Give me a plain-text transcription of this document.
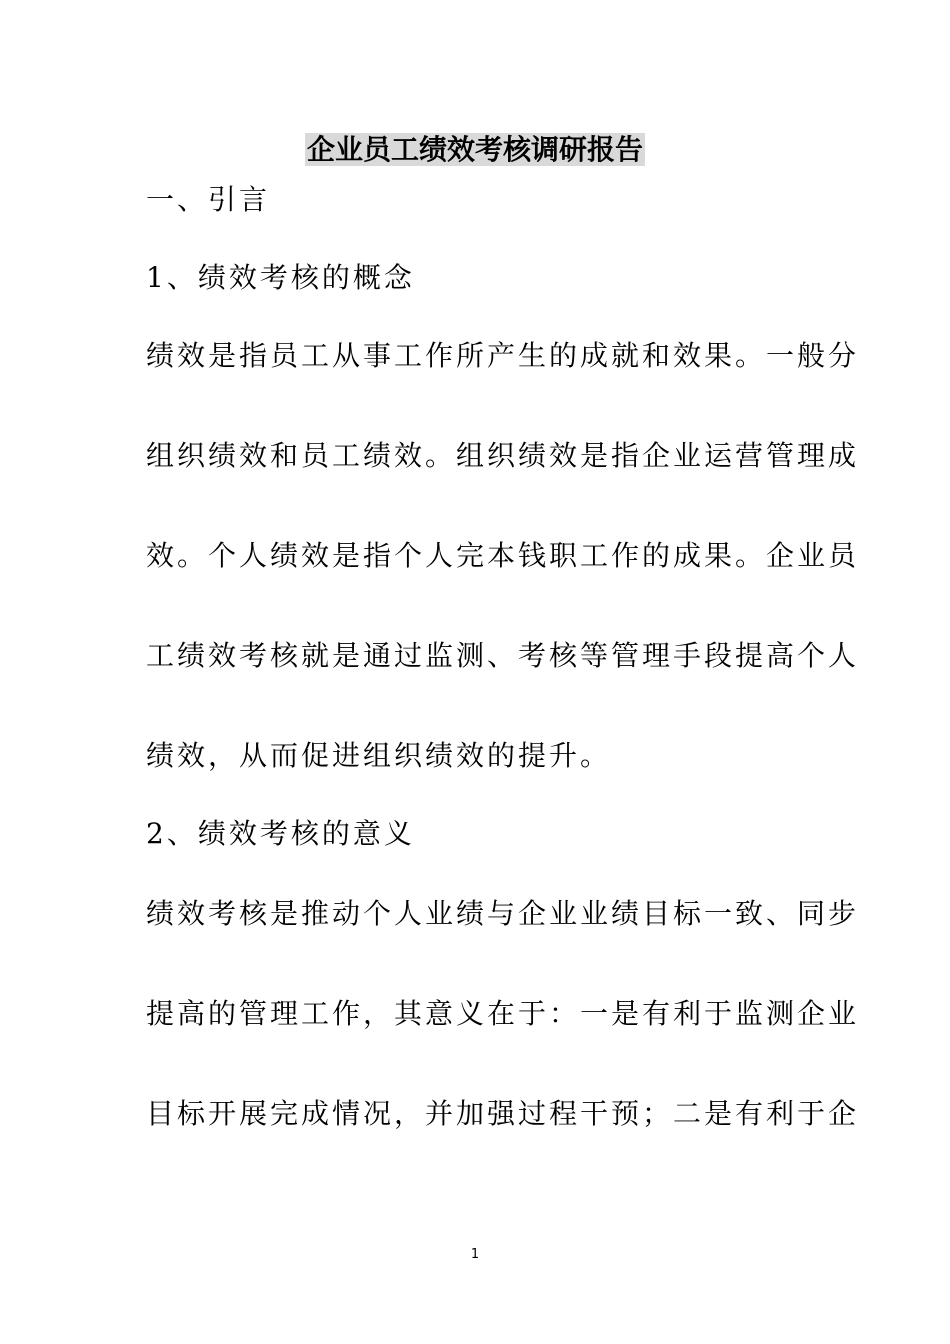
企业员工绩效考核调研报告
一、引言
1、绩效考核的概念
绩效是指员工从事工作所产生的成就和效果。一般分
组织绩效和员工绩效。组织绩效是指企业运营管理成
效。个人绩效是指个人完本钱职工作的成果。企业员
工绩效考核就是通过监测、考核等管理手段提高个人
绩效，从而促进组织绩效的提升。
2、绩效考核的意义
绩效考核是推动个人业绩与企业业绩目标一致、同步
提高的管理工作，其意义在于：一是有利于监测企业
目标开展完成情况，并加强过程干预；二是有利于企
1
